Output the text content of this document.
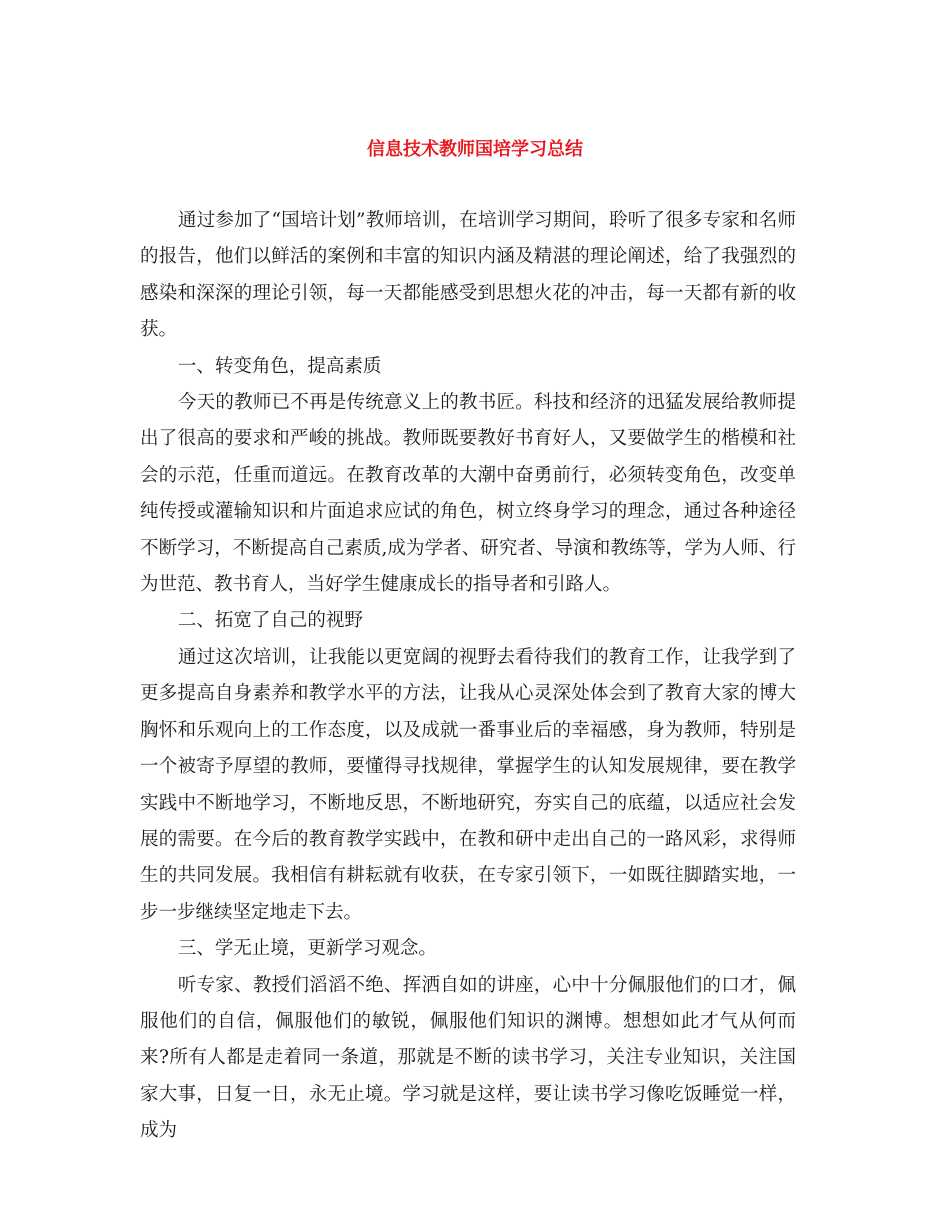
信息技术教师国培学习总结

通过参加了“国培计划”教师培训，在培训学习期间，聆听了很多专家和名师的报告，他们以鲜活的案例和丰富的知识内涵及精湛的理论阐述，给了我强烈的感染和深深的理论引领，每一天都能感受到思想火花的冲击，每一天都有新的收获。

一、转变角色，提高素质

今天的教师已不再是传统意义上的教书匠。科技和经济的迅猛发展给教师提出了很高的要求和严峻的挑战。教师既要教好书育好人，又要做学生的楷模和社会的示范，任重而道远。在教育改革的大潮中奋勇前行，必须转变角色，改变单纯传授或灌输知识和片面追求应试的角色，树立终身学习的理念，通过各种途径不断学习，不断提高自己素质,成为学者、研究者、导演和教练等，学为人师、行为世范、教书育人，当好学生健康成长的指导者和引路人。

二、拓宽了自己的视野

通过这次培训，让我能以更宽阔的视野去看待我们的教育工作，让我学到了更多提高自身素养和教学水平的方法，让我从心灵深处体会到了教育大家的博大胸怀和乐观向上的工作态度，以及成就一番事业后的幸福感，身为教师，特别是一个被寄予厚望的教师，要懂得寻找规律，掌握学生的认知发展规律，要在教学实践中不断地学习，不断地反思，不断地研究，夯实自己的底蕴，以适应社会发展的需要。在今后的教育教学实践中，在教和研中走出自己的一路风彩，求得师生的共同发展。我相信有耕耘就有收获，在专家引领下，一如既往脚踏实地，一步一步继续坚定地走下去。

三、学无止境，更新学习观念。

听专家、教授们滔滔不绝、挥洒自如的讲座，心中十分佩服他们的口才，佩服他们的自信，佩服他们的敏锐，佩服他们知识的渊博。想想如此才气从何而来?所有人都是走着同一条道，那就是不断的读书学习，关注专业知识，关注国家大事，日复一日，永无止境。学习就是这样，要让读书学习像吃饭睡觉一样，成为
